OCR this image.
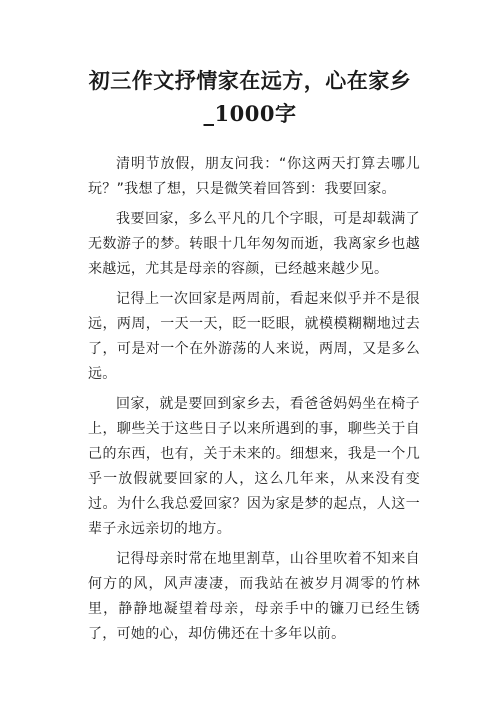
初三作文抒情家在远方，心在家乡_1000字

清明节放假，朋友问我：“你这两天打算去哪儿玩？”我想了想，只是微笑着回答到：我要回家。

我要回家，多么平凡的几个字眼，可是却载满了无数游子的梦。转眼十几年匆匆而逝，我离家乡也越来越远，尤其是母亲的容颜，已经越来越少见。

记得上一次回家是两周前，看起来似乎并不是很远，两周，一天一天，眨一眨眼，就模模糊糊地过去了，可是对一个在外游荡的人来说，两周，又是多么远。

回家，就是要回到家乡去，看爸爸妈妈坐在椅子上，聊些关于这些日子以来所遇到的事，聊些关于自己的东西，也有，关于未来的。细想来，我是一个几乎一放假就要回家的人，这么几年来，从来没有变过。为什么我总爱回家？因为家是梦的起点，人这一辈子永远亲切的地方。

记得母亲时常在地里割草，山谷里吹着不知来自何方的风，风声凄凄，而我站在被岁月凋零的竹林里，静静地凝望着母亲，母亲手中的镰刀已经生锈了，可她的心，却仿佛还在十多年以前。
